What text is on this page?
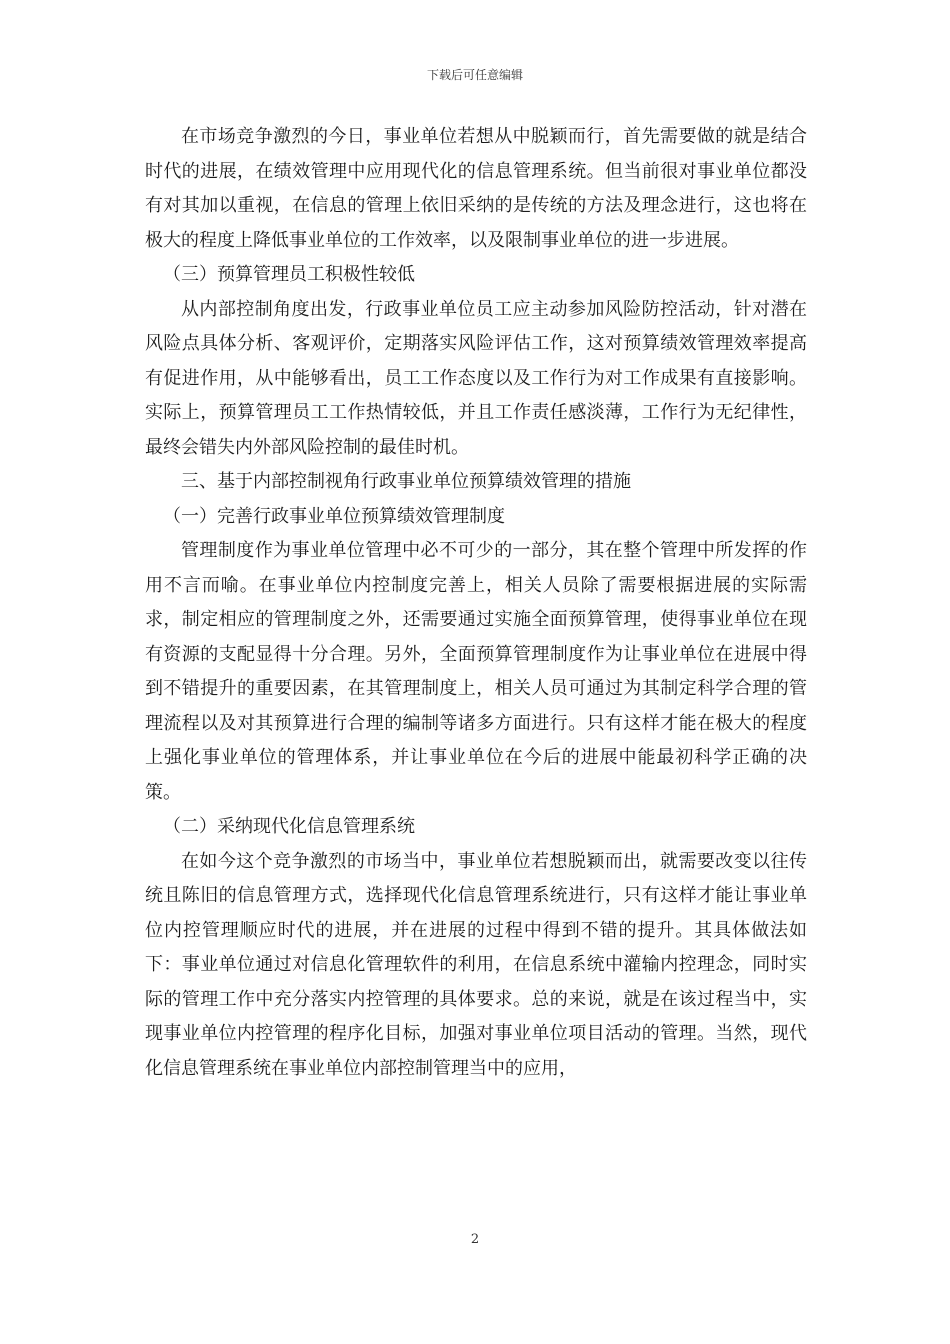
下载后可任意编辑

在市场竞争激烈的今日，事业单位若想从中脱颖而行，首先需要做的就是结合时代的进展，在绩效管理中应用现代化的信息管理系统。但当前很对事业单位都没有对其加以重视，在信息的管理上依旧采纳的是传统的方法及理念进行，这也将在极大的程度上降低事业单位的工作效率，以及限制事业单位的进一步进展。

（三）预算管理员工积极性较低

从内部控制角度出发，行政事业单位员工应主动参加风险防控活动，针对潜在风险点具体分析、客观评价，定期落实风险评估工作，这对预算绩效管理效率提高有促进作用，从中能够看出，员工工作态度以及工作行为对工作成果有直接影响。实际上，预算管理员工工作热情较低，并且工作责任感淡薄，工作行为无纪律性，最终会错失内外部风险控制的最佳时机。

三、基于内部控制视角行政事业单位预算绩效管理的措施

（一）完善行政事业单位预算绩效管理制度

管理制度作为事业单位管理中必不可少的一部分，其在整个管理中所发挥的作用不言而喻。在事业单位内控制度完善上，相关人员除了需要根据进展的实际需求，制定相应的管理制度之外，还需要通过实施全面预算管理，使得事业单位在现有资源的支配显得十分合理。另外，全面预算管理制度作为让事业单位在进展中得到不错提升的重要因素，在其管理制度上，相关人员可通过为其制定科学合理的管理流程以及对其预算进行合理的编制等诸多方面进行。只有这样才能在极大的程度上强化事业单位的管理体系，并让事业单位在今后的进展中能最初科学正确的决策。

（二）采纳现代化信息管理系统

在如今这个竞争激烈的市场当中，事业单位若想脱颖而出，就需要改变以往传统且陈旧的信息管理方式，选择现代化信息管理系统进行，只有这样才能让事业单位内控管理顺应时代的进展，并在进展的过程中得到不错的提升。其具体做法如下：事业单位通过对信息化管理软件的利用，在信息系统中灌输内控理念，同时实际的管理工作中充分落实内控管理的具体要求。总的来说，就是在该过程当中，实现事业单位内控管理的程序化目标，加强对事业单位项目活动的管理。当然，现代化信息管理系统在事业单位内部控制管理当中的应用，

2
